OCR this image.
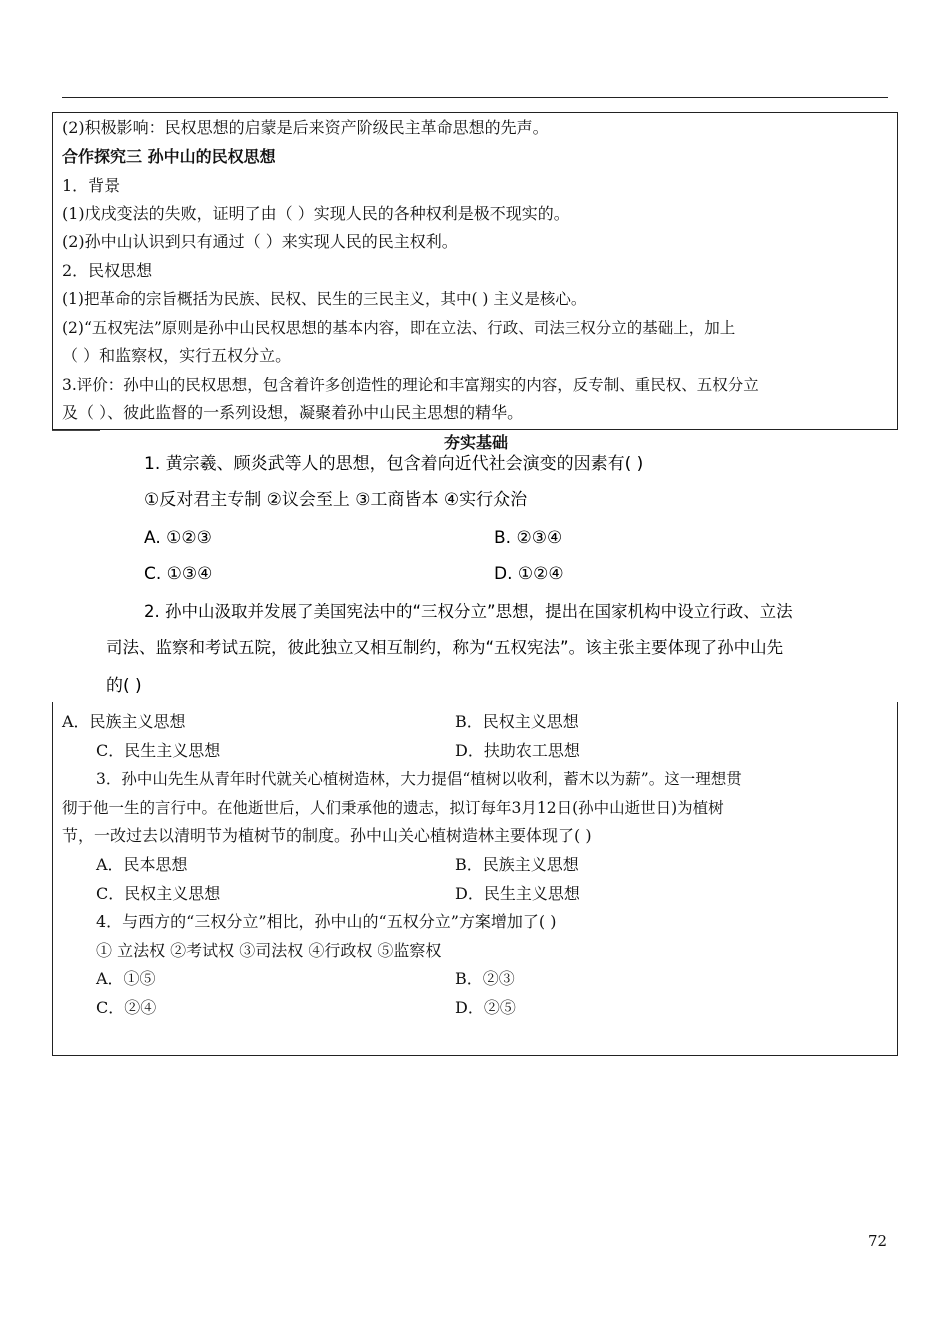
(2)积极影响：民权思想的启蒙是后来资产阶级民主革命思想的先声。
合作探究三 孙中山的民权思想
1．背景
(1)戊戌变法的失败，证明了由（ ）实现人民的各种权利是极不现实的。
(2)孙中山认识到只有通过（ ）来实现人民的民主权利。
2．民权思想
(1)把革命的宗旨概括为民族、民权、民生的三民主义，其中( ) 主义是核心。
(2)“五权宪法”原则是孙中山民权思想的基本内容，即在立法、行政、司法三权分立的基础上，加上
（ ）和监察权，实行五权分立。
3.评价：孙中山的民权思想，包含着许多创造性的理论和丰富翔实的内容，反专制、重民权、五权分立
及（ ）、彼此监督的一系列设想，凝聚着孙中山民主思想的精华。
夯实基础
1. 黄宗羲、顾炎武等人的思想，包含着向近代社会演变的因素有( )
①反对君主专制 ②议会至上 ③工商皆本 ④实行众治
A. ①②③	B. ②③④
C. ①③④	D. ①②④
2. 孙中山汲取并发展了美国宪法中的“三权分立”思想，提出在国家机构中设立行政、立法
司法、监察和考试五院，彼此独立又相互制约，称为“五权宪法”。该主张主要体现了孙中山先
的( )
A．民族主义思想	B．民权主义思想
C．民生主义思想	D．扶助农工思想
3．孙中山先生从青年时代就关心植树造林，大力提倡“植树以收利，蓄木以为薪”。这一理想贯
彻于他一生的言行中。在他逝世后，人们秉承他的遗志，拟订每年3月12日(孙中山逝世日)为植树
节，一改过去以清明节为植树节的制度。孙中山关心植树造林主要体现了( )
A．民本思想	B．民族主义思想
C．民权主义思想	D．民生主义思想
4．与西方的“三权分立”相比，孙中山的“五权分立”方案增加了( )
① 立法权 ②考试权 ③司法权 ④行政权 ⑤监察权
A．①⑤	B．②③
C．②④	D．②⑤
72
